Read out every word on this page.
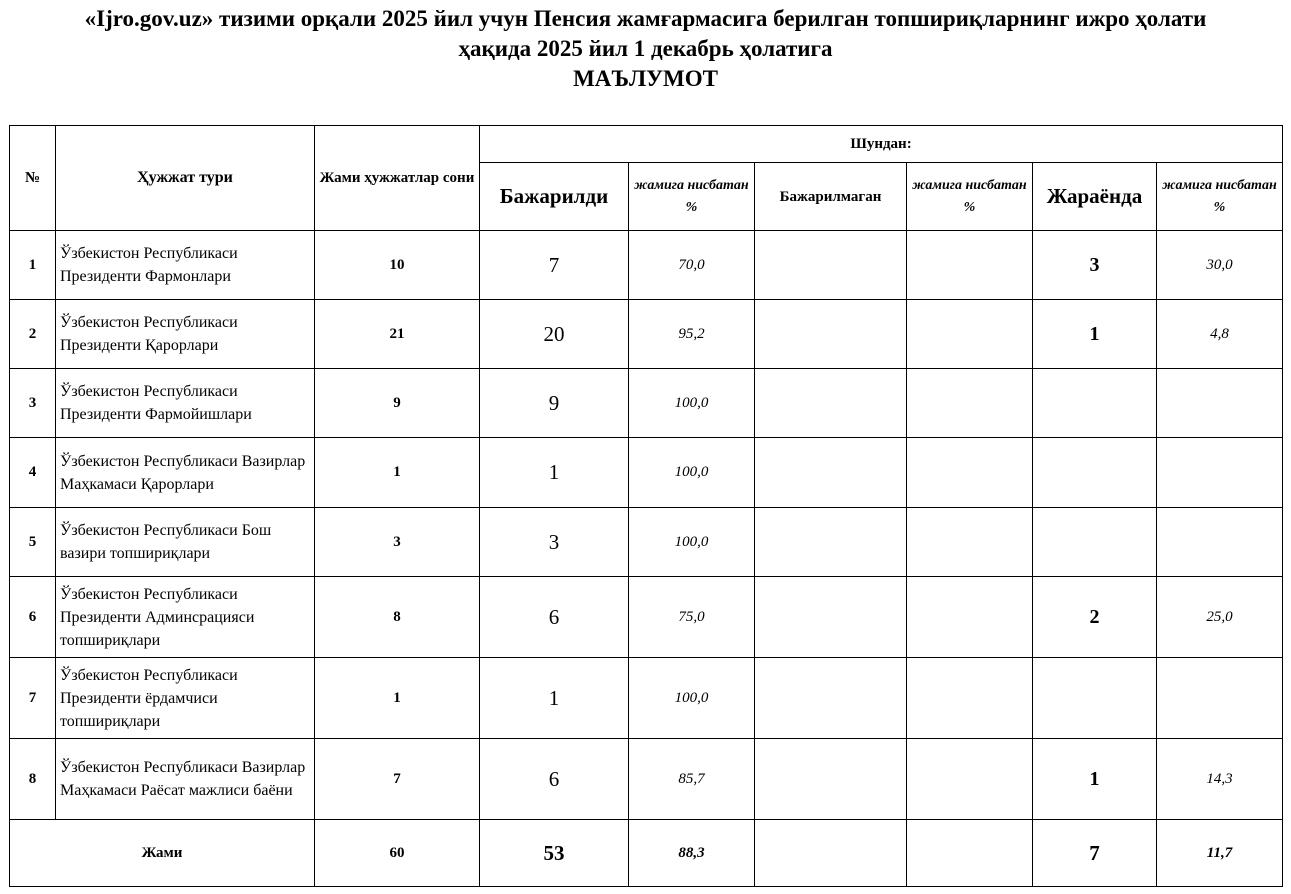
«Ijro.gov.uz» тизими орқали 2025 йил учун Пенсия жамғармасига берилган топшириқларнинг ижро ҳолати
ҳақида 2025 йил 1 декабрь ҳолатига
МАЪЛУМОТ
№	Ҳужжат тури	Жами ҳужжатлар сони	Шундан:					
			Бажарилди	жамига нисбатан %	Бажарилмаган	жамига нисбатан %	Жараёнда	жамига нисбатан %
1	Ўзбекистон Республикаси Президенти Фармонлари	10	7	70,0			3	30,0
2	Ўзбекистон Республикаси Президенти Қарорлари	21	20	95,2			1	4,8
3	Ўзбекистон Республикаси Президенти Фармойишлари	9	9	100,0				
4	Ўзбекистон Республикаси Вазирлар Маҳкамаси Қарорлари	1	1	100,0				
5	Ўзбекистон Республикаси Бош вазири топшириқлари	3	3	100,0				
6	Ўзбекистон Республикаси Президенти Админсрацияси топшириқлари	8	6	75,0			2	25,0
7	Ўзбекистон Республикаси Президенти ёрдамчиси топшириқлари	1	1	100,0				
8	Ўзбекистон Республикаси Вазирлар Маҳкамаси Раёсат мажлиси баёни	7	6	85,7			1	14,3
Жами		60	53	88,3			7	11,7
